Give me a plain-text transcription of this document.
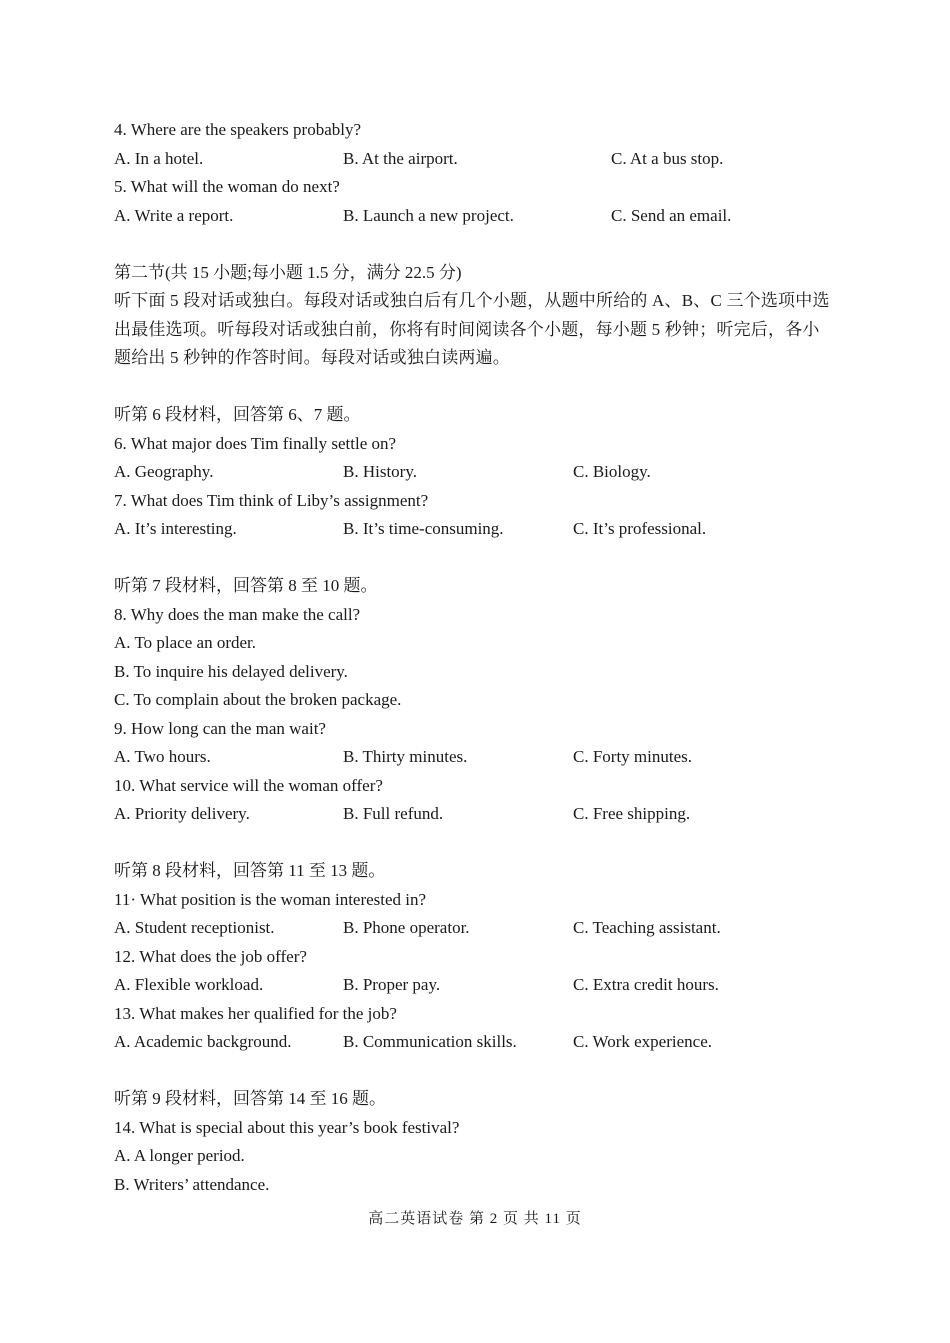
4. Where are the speakers probably?
A. In a hotel.	B. At the airport.	C. At a bus stop.
5. What will the woman do next?
A. Write a report.	B. Launch a new project.	C. Send an email.
第二节(共 15 小题;每小题 1.5 分，满分 22.5 分)
听下面 5 段对话或独白。每段对话或独白后有几个小题，从题中所给的 A、B、C 三个选项中选出最佳选项。听每段对话或独白前，你将有时间阅读各个小题，每小题 5 秒钟；听完后，各小题给出 5 秒钟的作答时间。每段对话或独白读两遍。
听第 6 段材料，回答第 6、7 题。
6. What major does Tim finally settle on?
A. Geography.	B. History.	C. Biology.
7. What does Tim think of Liby’s assignment?
A. It’s interesting.	B. It’s time-consuming.	C. It’s professional.
听第 7 段材料，回答第 8 至 10 题。
8. Why does the man make the call?
A. To place an order.
B. To inquire his delayed delivery.
C. To complain about the broken package.
9. How long can the man wait?
A. Two hours.	B. Thirty minutes.	C. Forty minutes.
10. What service will the woman offer?
A. Priority delivery.	B. Full refund.	C. Free shipping.
听第 8 段材料，回答第 11 至 13 题。
11· What position is the woman interested in?
A. Student receptionist.	B. Phone operator.	C. Teaching assistant.
12. What does the job offer?
A. Flexible workload.	B. Proper pay.	C. Extra credit hours.
13. What makes her qualified for the job?
A. Academic background.	B. Communication skills.	C. Work experience.
听第 9 段材料，回答第 14 至 16 题。
14. What is special about this year’s book festival?
A. A longer period.
B. Writers’ attendance.
高二英语试卷 第 2 页 共 11 页
